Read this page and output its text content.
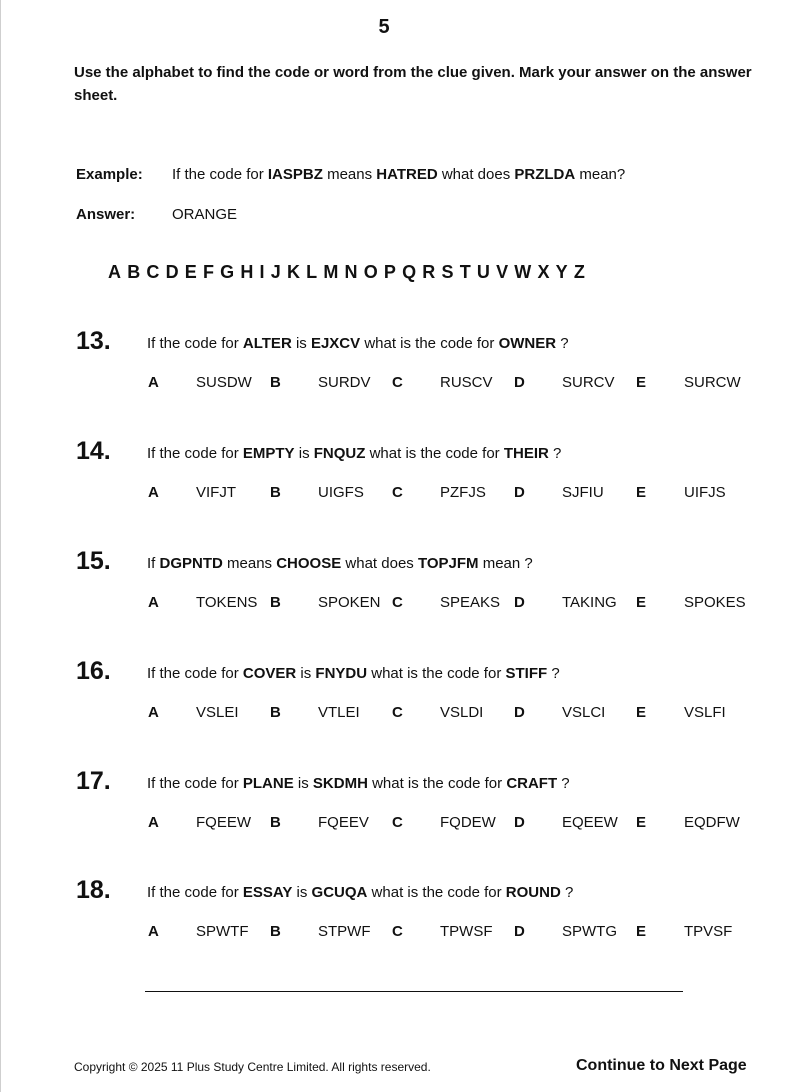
5
Use the alphabet to find the code or word from the clue given. Mark your answer on the answer sheet.
Example: If the code for IASPBZ means HATRED what does PRZLDA mean?
Answer: ORANGE
A B C D E F G H I J K L M N O P Q R S T U V W X Y Z
13. If the code for ALTER is EJXCV what is the code for OWNER ?
A SUSDW B SURDV C RUSCV D SURCV E	SURCW
14. If the code for EMPTY is FNQUZ what is the code for THEIR ?
A VIFJT B UIGFS C PZFJS D SJFIU E	UIFJS
15. If DGPNTD means CHOOSE what does TOPJFM mean ?
A TOKENS B SPOKEN C SPEAKS D TAKING E	SPOKES
16. If the code for COVER is FNYDU what is the code for STIFF ?
A VSLEI B VTLEI C VSLDI D VSLCI E	VSLFI
17. If the code for PLANE is SKDMH what is the code for CRAFT ?
A FQEEW B FQEEV C FQDEW D EQEEW E	EQDFW
18. If the code for ESSAY is GCUQA what is the code for ROUND ?
A SPWTF B STPWF C TPWSF D SPWTG E	TPVSF
Copyright © 2025 11 Plus Study Centre Limited. All rights reserved.	Continue to Next Page
